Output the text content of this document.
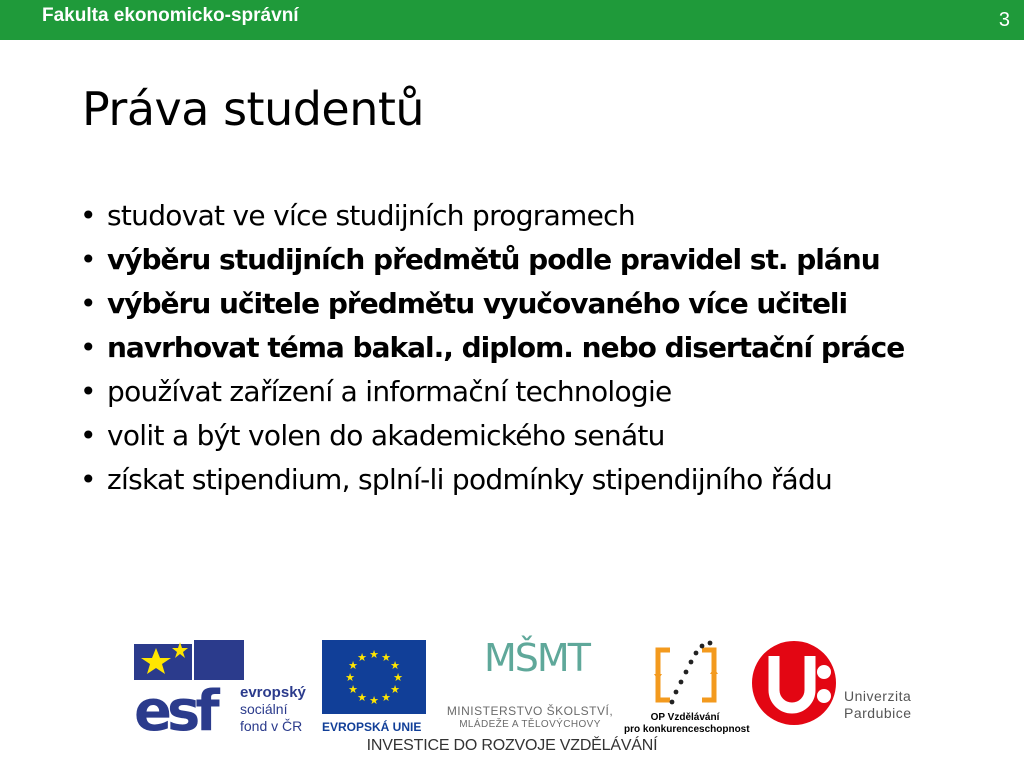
Fakulta ekonomicko-správní	3
Práva studentů
• studovat ve více studijních programech
• výběru studijních předmětů podle pravidel st. plánu
• výběru učitele předmětu vyučovaného více učiteli
• navrhovat téma bakal., diplom. nebo disertační práce
• používat zařízení a informační technologie
• volit a být volen do akademického senátu
• získat stipendium, splní-li podmínky stipendijního řádu
esf	evropský
sociální
fond v ČR
★ ★
★
★
★
★
★
★
★
★
★
★
EVROPSKÁ UNIE
MŠMT
MINISTERSTVO ŠKOLSTVÍ,
MLÁDEŽE A TĚLOVÝCHOVY
OP Vzdělávání
pro konkurenceschopnost
Univerzita
Pardubice
INVESTICE DO ROZVOJE VZDĚLÁVÁNÍ
